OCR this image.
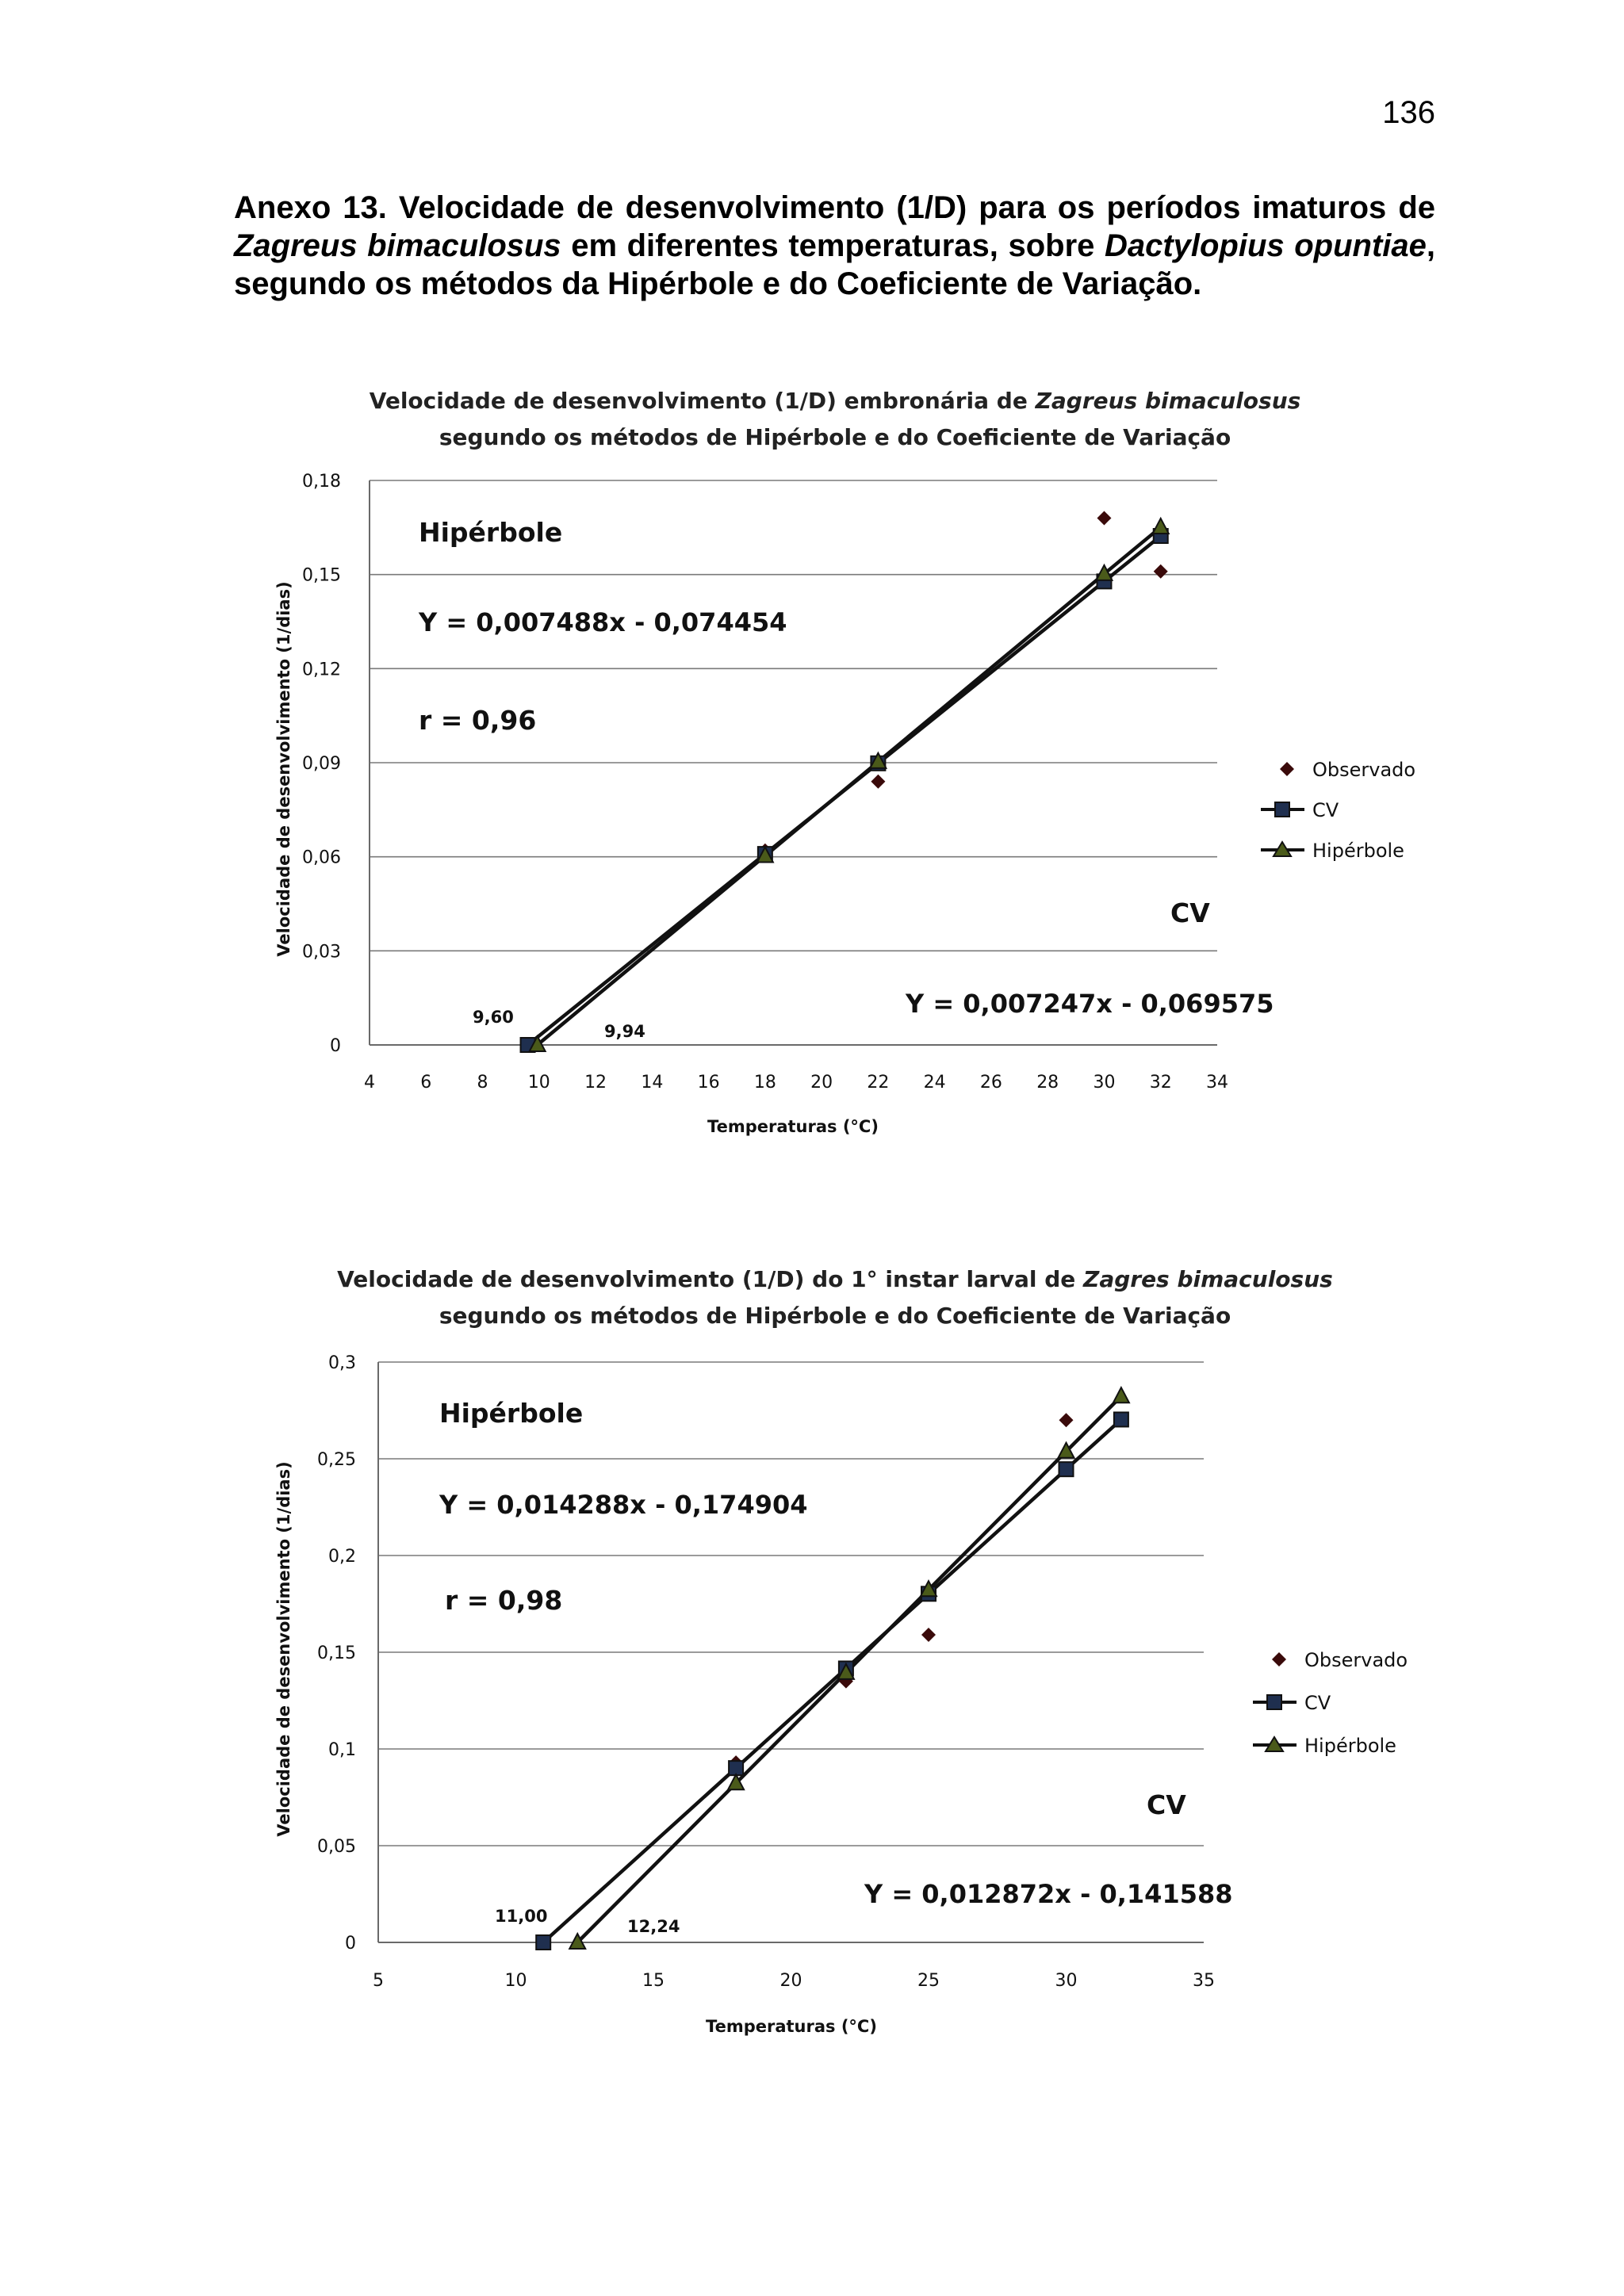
136
Anexo 13. Velocidade de desenvolvimento (1/D) para os períodos imaturos de Zagreus bimaculosus em diferentes temperaturas, sobre Dactylopius opuntiae, segundo os métodos da Hipérbole e do Coeficiente de Variação.
Velocidade de desenvolvimento (1/D) embronária de Zagreus bimaculosus
segundo os métodos de Hipérbole e do Coeficiente de Variação
0
0,03
0,06
0,09
0,12
0,15
0,18
4	6	8 10 12 14 16 18 20 22 24 26 28 30 32 34
Temperaturas (°C)
Velocidade de desenvolvimento (1/dias)
Hipérbole
Y = 0,007488x - 0,074454
r = 0,96
CV
Y = 0,007247x - 0,069575
9,60
9,94
Observado
CV
Hipérbole
Velocidade de desenvolvimento (1/D) do 1° instar larval de Zagres bimaculosus
segundo os métodos de Hipérbole e do Coeficiente de Variação
0
0,05
0,1
0,15
0,2
0,25
0,3
5	10	15	20	25	30	35
Temperaturas (°C)
Velocidade de desenvolvimento (1/dias)
Hipérbole
Y = 0,014288x - 0,174904
r = 0,98
CV
Y = 0,012872x - 0,141588
11,00
12,24
Observado
CV
Hipérbole
